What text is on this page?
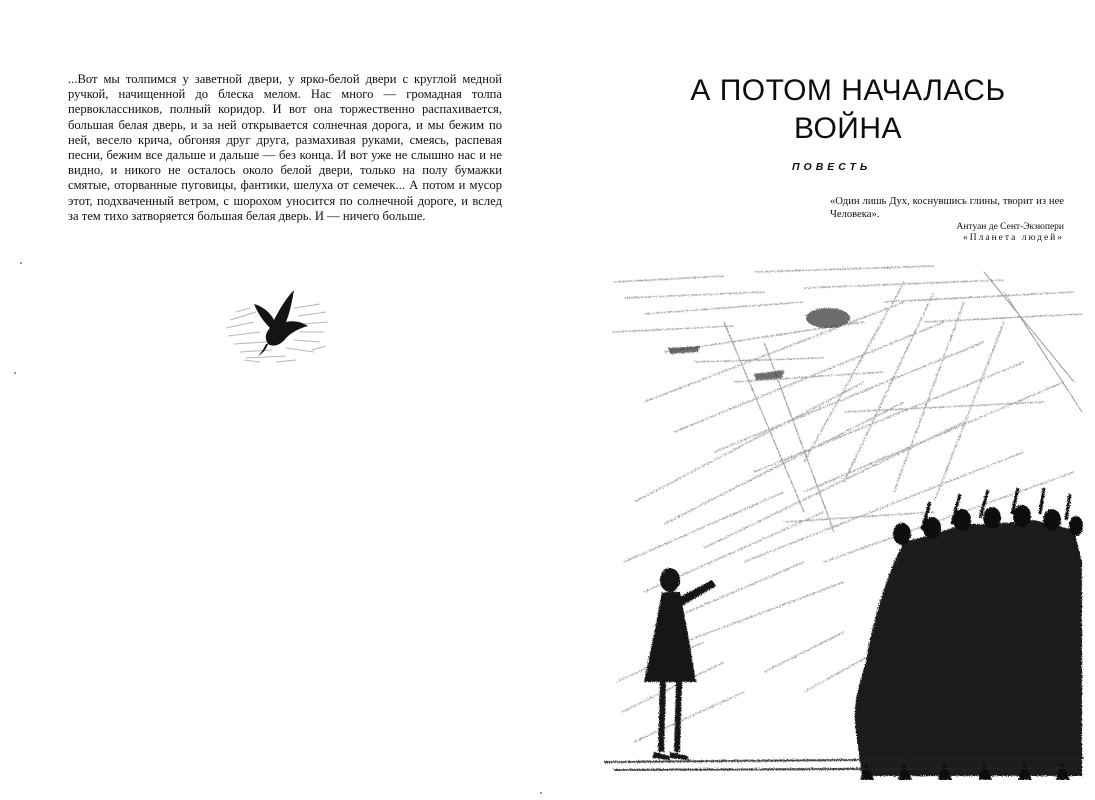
...Вот мы толпимся у заветной двери, у ярко-белой двери с круглой медной ручкой, начищенной до блеска мелом. Нас много — громадная толпа первоклассников, полный коридор. И вот она торжественно распахивается, большая белая дверь, и за ней открывается солнечная дорога, и мы бежим по ней, весело крича, обгоняя друг друга, размахивая руками, смеясь, распевая песни, бежим все дальше и дальше — без конца. И вот уже не слышно нас и не видно, и никого не осталось около белой двери, только на полу бумажки смятые, оторванные пуговицы, фантики, шелуха от семечек... А потом и мусор этот, подхваченный ветром, с шорохом уносится по солнечной дороге, и вслед за тем тихо затворяется большая белая дверь. И — ничего больше.

А ПОТОМ НАЧАЛАСЬ
ВОЙНА

ПОВЕСТЬ

«Один лишь Дух, коснувшись глины, творит из нее Человека».

Антуан де Сент-Экзюпери
«Планета людей»
